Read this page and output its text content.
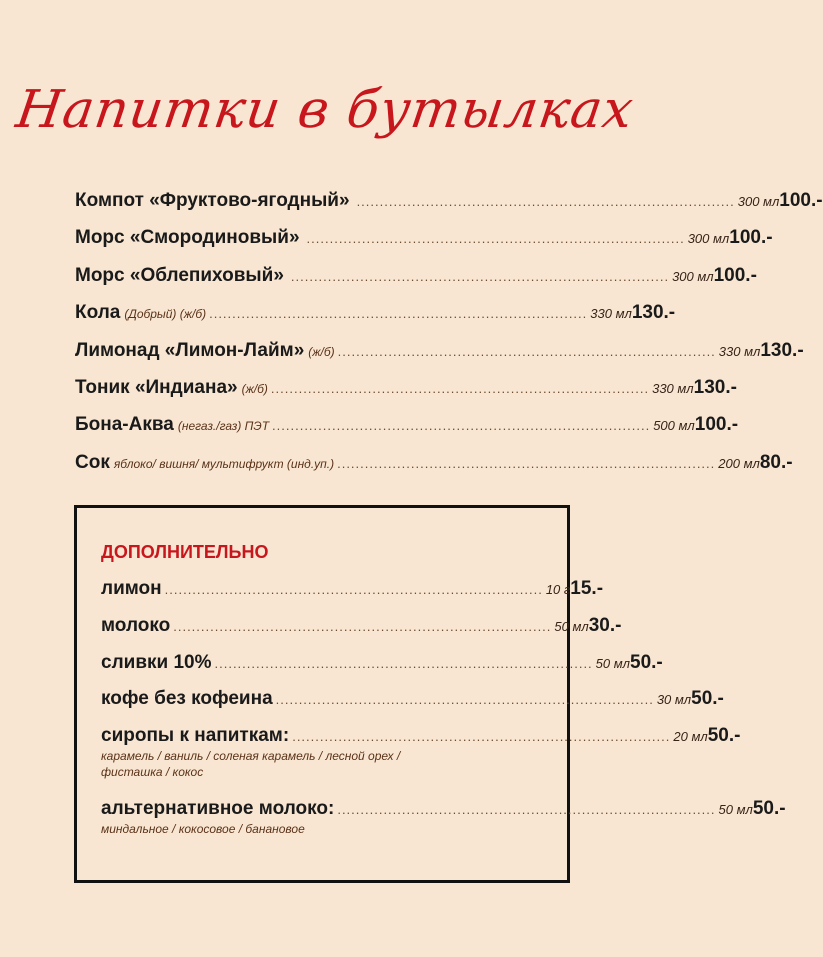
Напитки в бутылках
Компот «Фруктово-ягодный» .................................................................................. 300 мл 100.-
Морс «Смородиновый» .................................................................................. 300 мл 100.-
Морс «Облепиховый» .................................................................................. 300 мл 100.-
Кола (Добрый) (ж/б) .................................................................................. 330 мл 130.-
Лимонад «Лимон-Лайм» (ж/б) .................................................................................. 330 мл 130.-
Тоник «Индиана» (ж/б) .................................................................................. 330 мл 130.-
Бона-Аква (негаз./газ) ПЭТ .................................................................................. 500 мл 100.-
Сок яблоко/ вишня/ мультифрукт (инд.уп.) .................................................................................. 200 мл 80.-
ДОПОЛНИТЕЛЬНО
лимон .................................................................................. 10 г 15.-
молоко .................................................................................. 50 мл 30.-
сливки 10% .................................................................................. 50 мл 50.-
кофе без кофеина .................................................................................. 30 мл 50.-
сиропы к напиткам: .................................................................................. 20 мл 50.-
карамель / ваниль / соленая карамель / лесной орех / фисташка / кокос
альтернативное молоко: .................................................................................. 50 мл 50.-
миндальное / кокосовое / банановое
